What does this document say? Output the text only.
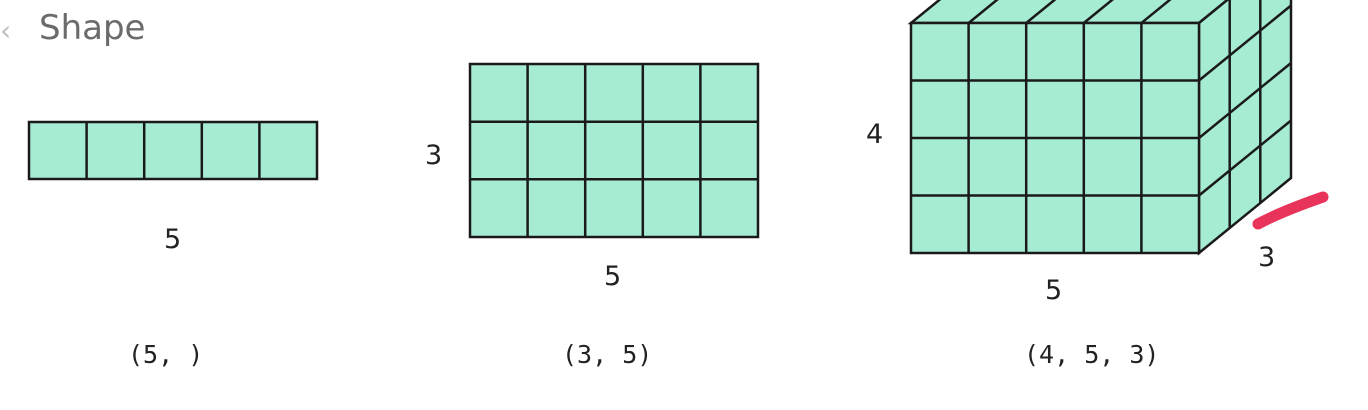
‹ Shape
5
3
5
4
5
3
(5, )	(3, 5)	(4, 5, 3)
